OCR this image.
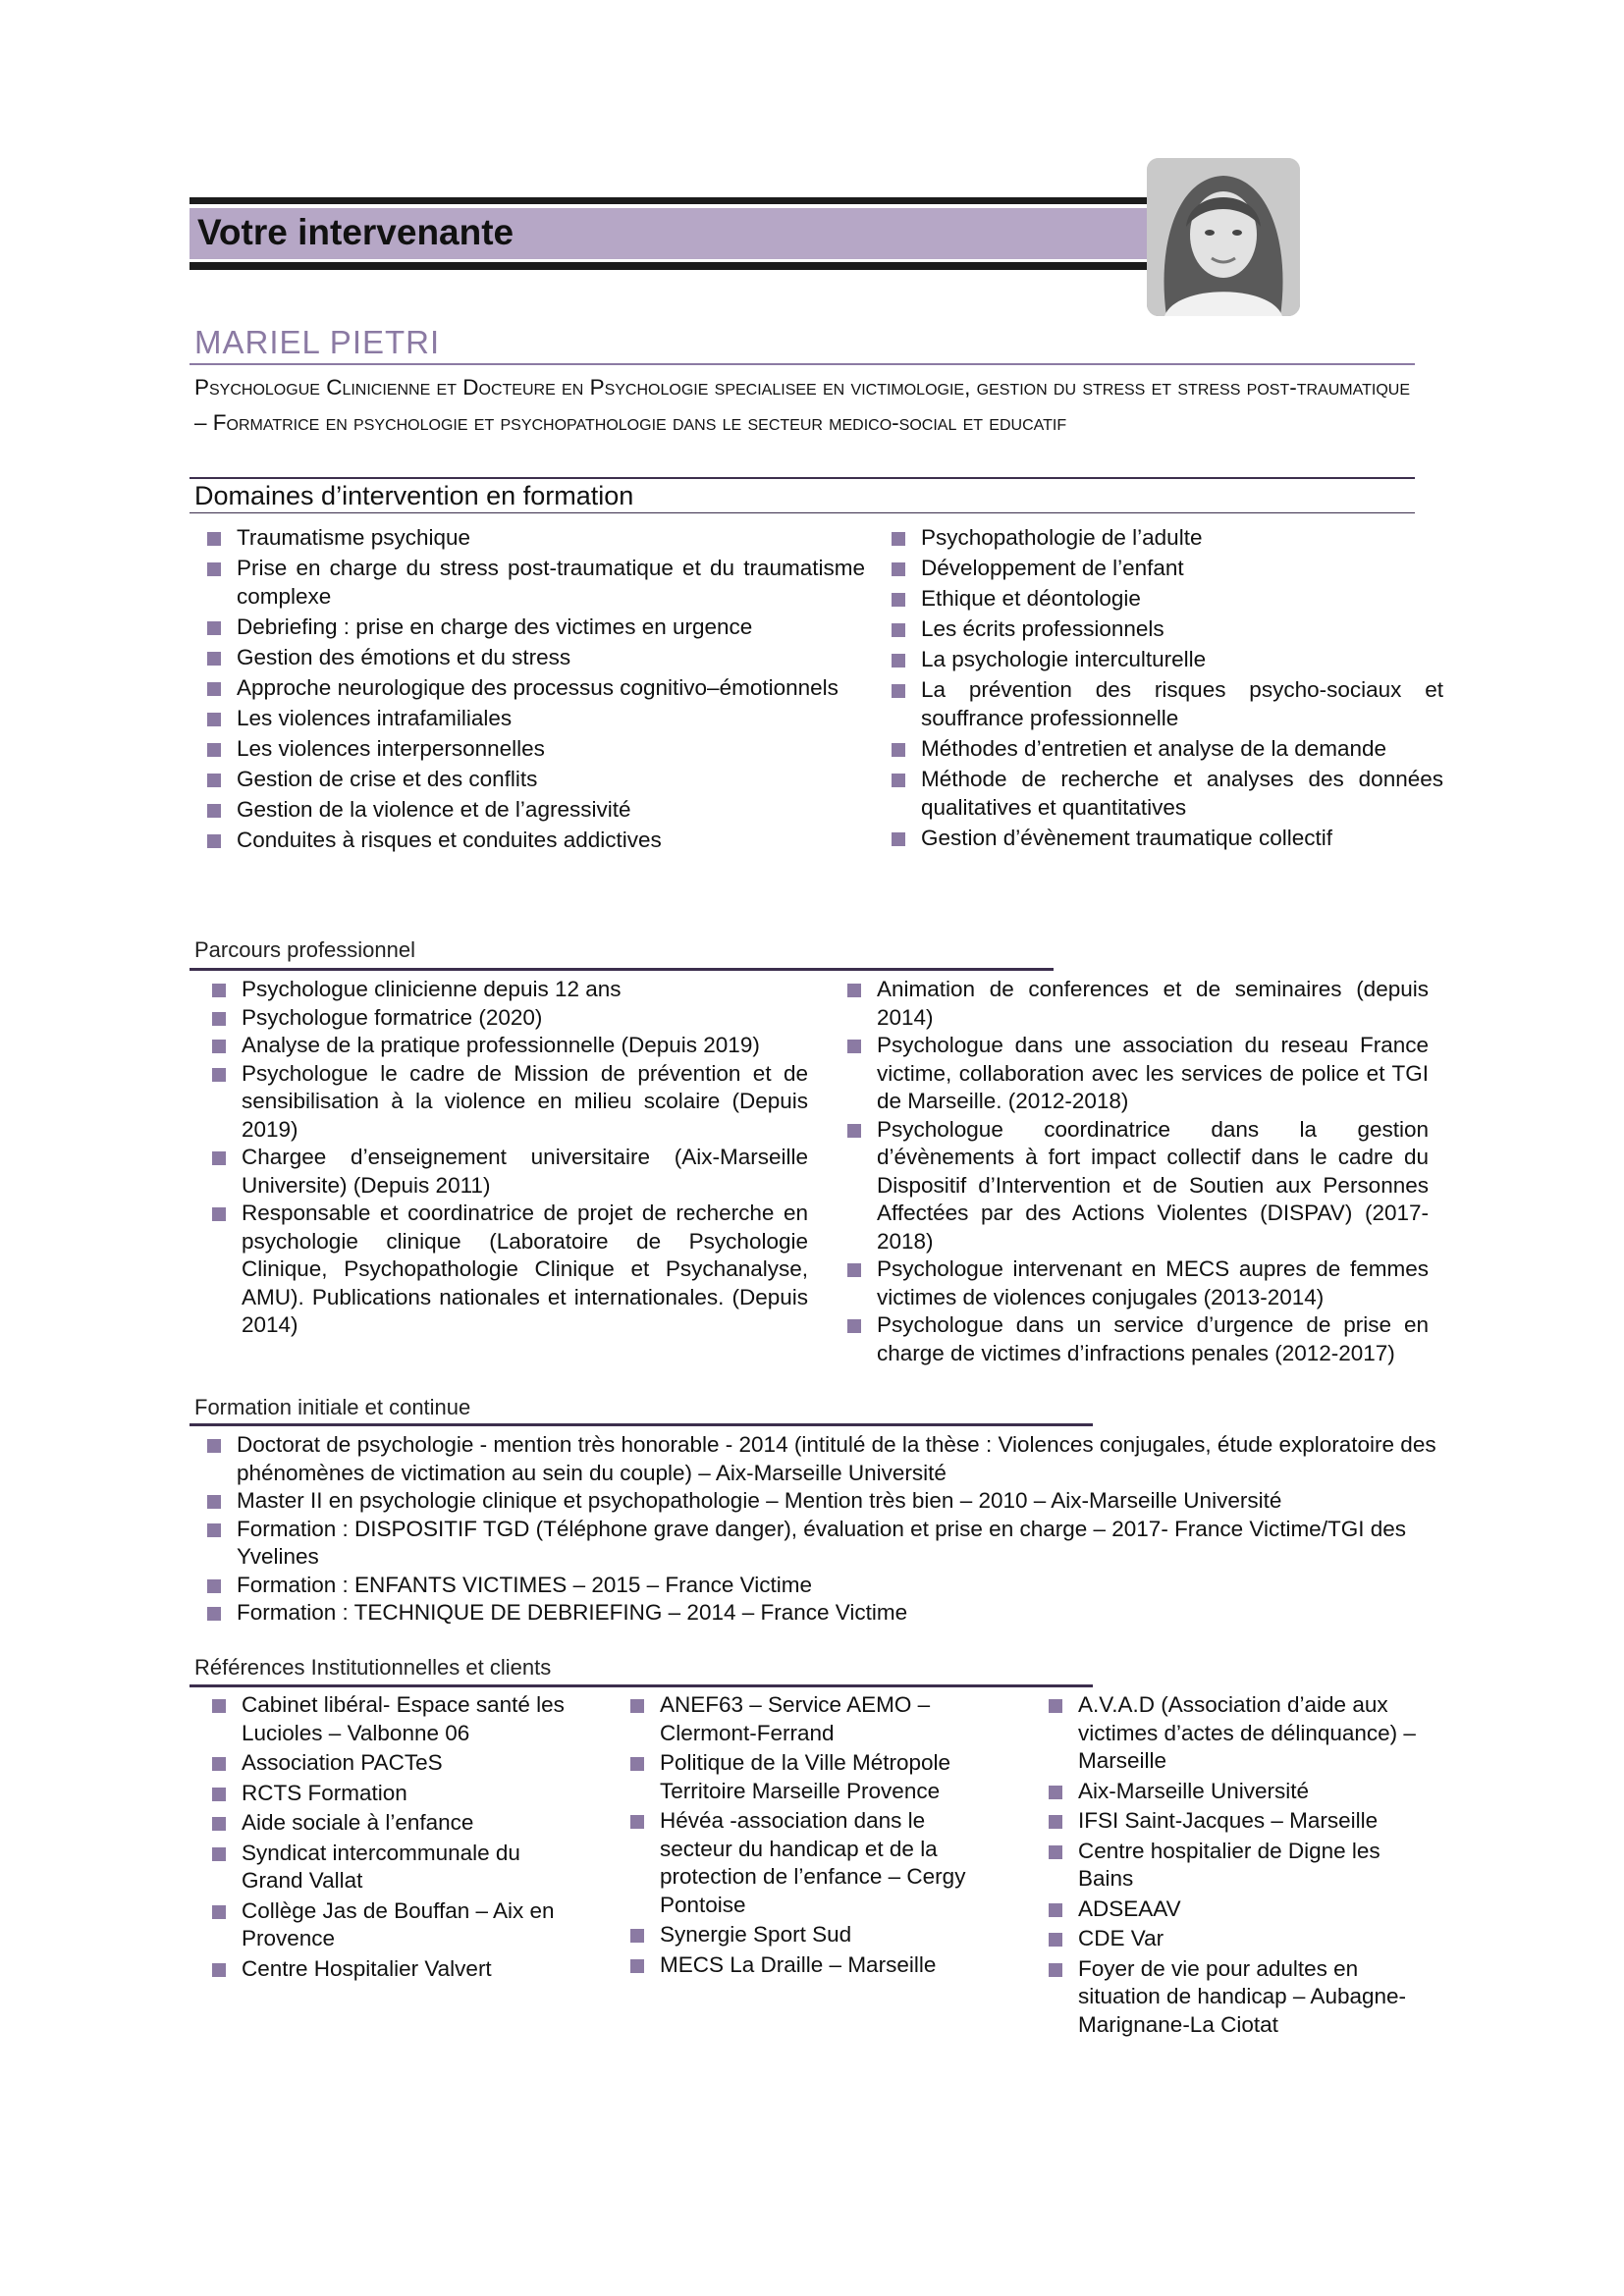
Votre intervenante
MARIEL PIETRI
Psychologue Clinicienne et Docteure en Psychologie specialisee en victimologie, gestion du stress et stress post-traumatique – Formatrice en psychologie et psychopathologie dans le secteur medico-social et educatif
Domaines d’intervention en formation
Traumatisme psychique
Prise en charge du stress post-traumatique et du traumatisme complexe
Debriefing : prise en charge des victimes en urgence
Gestion des émotions et du stress
Approche neurologique des processus cognitivo–émotionnels
Les violences intrafamiliales
Les violences interpersonnelles
Gestion de crise et des conflits
Gestion de la violence et de l’agressivité
Conduites à risques et conduites addictives
Psychopathologie de l’adulte
Développement de l’enfant
Ethique et déontologie
Les écrits professionnels
La psychologie interculturelle
La prévention des risques psycho-sociaux et souffrance professionnelle
Méthodes d’entretien et analyse de la demande
Méthode de recherche et analyses des données qualitatives et quantitatives
Gestion d’évènement traumatique collectif
Parcours professionnel
Psychologue clinicienne depuis 12 ans
Psychologue formatrice (2020)
Analyse de la pratique professionnelle (Depuis 2019)
Psychologue le cadre de Mission de prévention et de sensibilisation à la violence en milieu scolaire (Depuis 2019)
Chargee d’enseignement universitaire (Aix-Marseille Universite) (Depuis 2011)
Responsable et coordinatrice de projet de recherche en psychologie clinique (Laboratoire de Psychologie Clinique, Psychopathologie Clinique et Psychanalyse, AMU). Publications nationales et internationales. (Depuis 2014)
Animation de conferences et de seminaires (depuis 2014)
Psychologue dans une association du reseau France victime, collaboration avec les services de police et TGI de Marseille. (2012-2018)
Psychologue coordinatrice dans la gestion d’évènements à fort impact collectif dans le cadre du Dispositif d’Intervention et de Soutien aux Personnes Affectées par des Actions Violentes (DISPAV) (2017-2018)
Psychologue intervenant en MECS aupres de femmes victimes de violences conjugales (2013-2014)
Psychologue dans un service d’urgence de prise en charge de victimes d’infractions penales (2012-2017)
Formation initiale et continue
Doctorat de psychologie - mention très honorable - 2014 (intitulé de la thèse : Violences conjugales, étude exploratoire des phénomènes de victimation au sein du couple) – Aix-Marseille Université
Master II en psychologie clinique et psychopathologie – Mention très bien – 2010 – Aix-Marseille Université
Formation : DISPOSITIF TGD (Téléphone grave danger), évaluation et prise en charge – 2017- France Victime/TGI des Yvelines
Formation : ENFANTS VICTIMES – 2015 – France Victime
Formation : TECHNIQUE DE DEBRIEFING – 2014 – France Victime
Références Institutionnelles et clients
Cabinet libéral- Espace santé les Lucioles – Valbonne 06
Association PACTeS
RCTS Formation
Aide sociale à l’enfance
Syndicat intercommunale du Grand Vallat
Collège Jas de Bouffan – Aix en Provence
Centre Hospitalier Valvert
ANEF63 – Service AEMO – Clermont-Ferrand
Politique de la Ville Métropole Territoire Marseille Provence
Hévéa -association dans le secteur du handicap et de la protection de l’enfance – Cergy Pontoise
Synergie Sport Sud
MECS La Draille – Marseille
A.V.A.D (Association d’aide aux victimes d’actes de délinquance) – Marseille
Aix-Marseille Université
IFSI Saint-Jacques – Marseille
Centre hospitalier de Digne les Bains
ADSEAAV
CDE Var
Foyer de vie pour adultes en situation de handicap – Aubagne-Marignane-La Ciotat
